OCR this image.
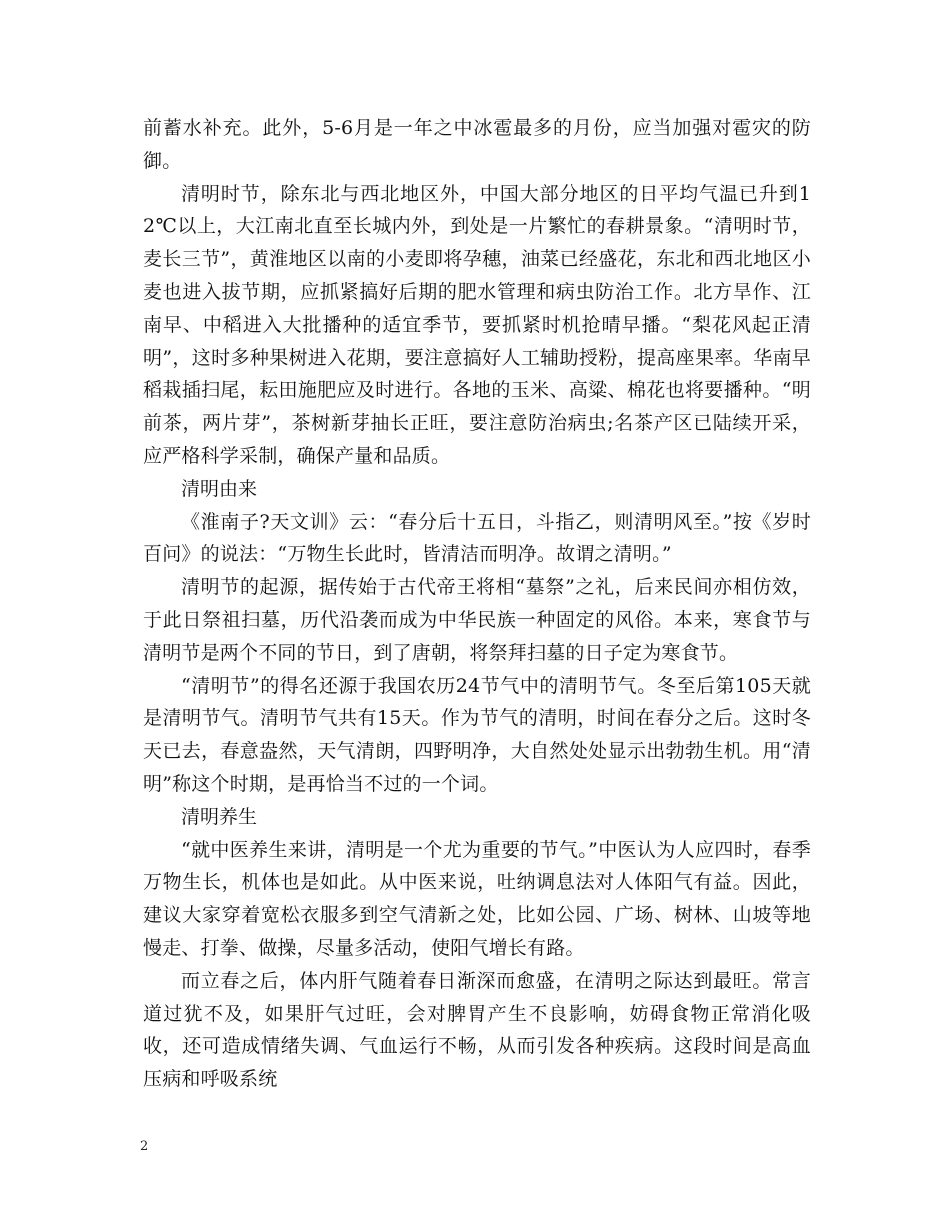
前蓄水补充。此外，5-6月是一年之中冰雹最多的月份，应当加强对雹灾的防御。

清明时节，除东北与西北地区外，中国大部分地区的日平均气温已升到12℃以上，大江南北直至长城内外，到处是一片繁忙的春耕景象。“清明时节，麦长三节”，黄淮地区以南的小麦即将孕穗，油菜已经盛花，东北和西北地区小麦也进入拔节期，应抓紧搞好后期的肥水管理和病虫防治工作。北方旱作、江南早、中稻进入大批播种的适宜季节，要抓紧时机抢晴早播。“梨花风起正清明”，这时多种果树进入花期，要注意搞好人工辅助授粉，提高座果率。华南早稻栽插扫尾，耘田施肥应及时进行。各地的玉米、高粱、棉花也将要播种。“明前茶，两片芽”，茶树新芽抽长正旺，要注意防治病虫;名茶产区已陆续开采，应严格科学采制，确保产量和品质。

清明由来

《淮南子?天文训》云：“春分后十五日，斗指乙，则清明风至。”按《岁时百问》的说法：“万物生长此时，皆清洁而明净。故谓之清明。”

清明节的起源，据传始于古代帝王将相“墓祭”之礼，后来民间亦相仿效，于此日祭祖扫墓，历代沿袭而成为中华民族一种固定的风俗。本来，寒食节与清明节是两个不同的节日，到了唐朝，将祭拜扫墓的日子定为寒食节。

“清明节”的得名还源于我国农历24节气中的清明节气。冬至后第105天就是清明节气。清明节气共有15天。作为节气的清明，时间在春分之后。这时冬天已去，春意盎然，天气清朗，四野明净，大自然处处显示出勃勃生机。用“清明”称这个时期，是再恰当不过的一个词。

清明养生

“就中医养生来讲，清明是一个尤为重要的节气。”中医认为人应四时，春季万物生长，机体也是如此。从中医来说，吐纳调息法对人体阳气有益。因此，建议大家穿着宽松衣服多到空气清新之处，比如公园、广场、树林、山坡等地慢走、打拳、做操，尽量多活动，使阳气增长有路。

而立春之后，体内肝气随着春日渐深而愈盛，在清明之际达到最旺。常言道过犹不及，如果肝气过旺，会对脾胃产生不良影响，妨碍食物正常消化吸收，还可造成情绪失调、气血运行不畅，从而引发各种疾病。这段时间是高血压病和呼吸系统

2
